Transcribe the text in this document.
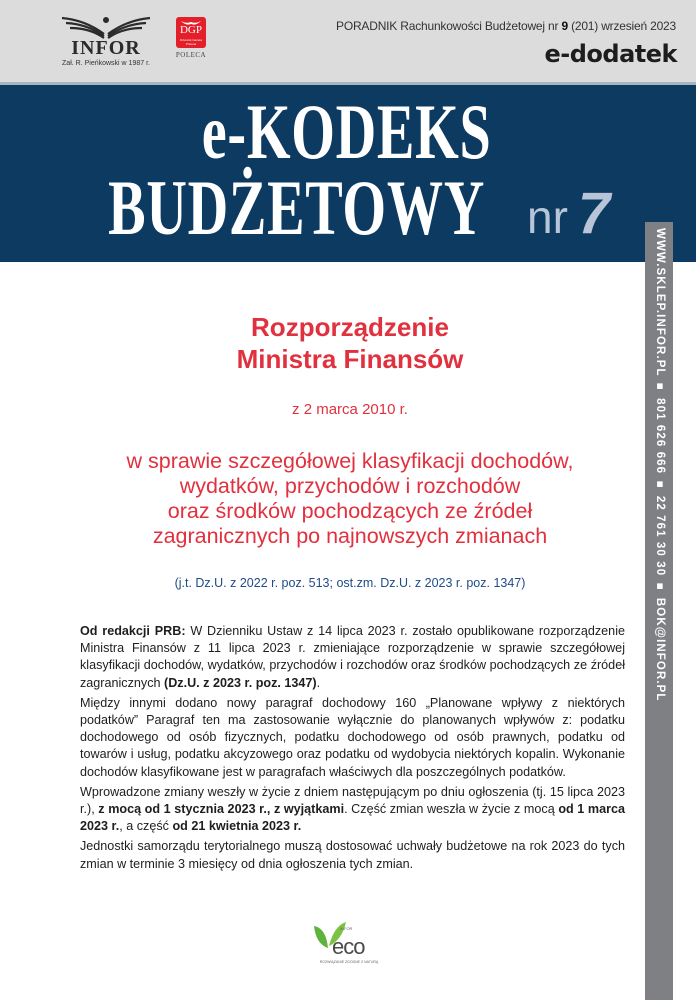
INFOR
Zał. R. Pieńkowski w 1987 r.
DGP
Dziennik Gazeta Prawna
POLECA
PORADNIK Rachunkowości Budżetowej nr 9 (201) wrzesień 2023
e-dodatek
e-KODEKS
BUDŻETOWY nr 7
WWW.SKLEP.INFOR.PL ■ 801 626 666 ■ 22 761 30 30 ■ BOK@INFOR.PL
Rozporządzenie
Ministra Finansów
z 2 marca 2010 r.
w sprawie szczegółowej klasyfikacji dochodów,
wydatków, przychodów i rozchodów
oraz środków pochodzących ze źródeł
zagranicznych po najnowszych zmianach
(j.t. Dz.U. z 2022 r. poz. 513; ost.zm. Dz.U. z 2023 r. poz. 1347)

Od redakcji PRB: W Dzienniku Ustaw z 14 lipca 2023 r. zostało opublikowane rozporządzenie Ministra Finansów z 11 lipca 2023 r. zmieniające rozporządzenie w sprawie szczegółowej klasyfikacji dochodów, wydatków, przychodów i rozchodów oraz środków pochodzących ze źródeł zagranicznych (Dz.U. z 2023 r. poz. 1347).

Między innymi dodano nowy paragraf dochodowy 160 „Planowane wpływy z niektórych podatków” Paragraf ten ma zastosowanie wyłącznie do planowanych wpływów z: podatku dochodowego od osób fizycznych, podatku dochodowego od osób prawnych, podatku od towarów i usług, podatku akcyzowego oraz podatku od wydobycia niektórych kopalin. Wykonanie dochodów klasyfikowane jest w paragrafach właściwych dla poszczególnych podatków.

Wprowadzone zmiany weszły w życie z dniem następującym po dniu ogłoszenia (tj. 15 lipca 2023 r.), z mocą od 1 stycznia 2023 r., z wyjątkami. Część zmian weszła w życie z mocą od 1 marca 2023 r., a część od 21 kwietnia 2023 r.

Jednostki samorządu terytorialnego muszą dostosować uchwały budżetowe na rok 2023 do tych zmian w terminie 3 miesięcy od dnia ogłoszenia tych zmian.

INFOR
eco
ROZWIĄZANIE ZGODNE Z NATURĄ
